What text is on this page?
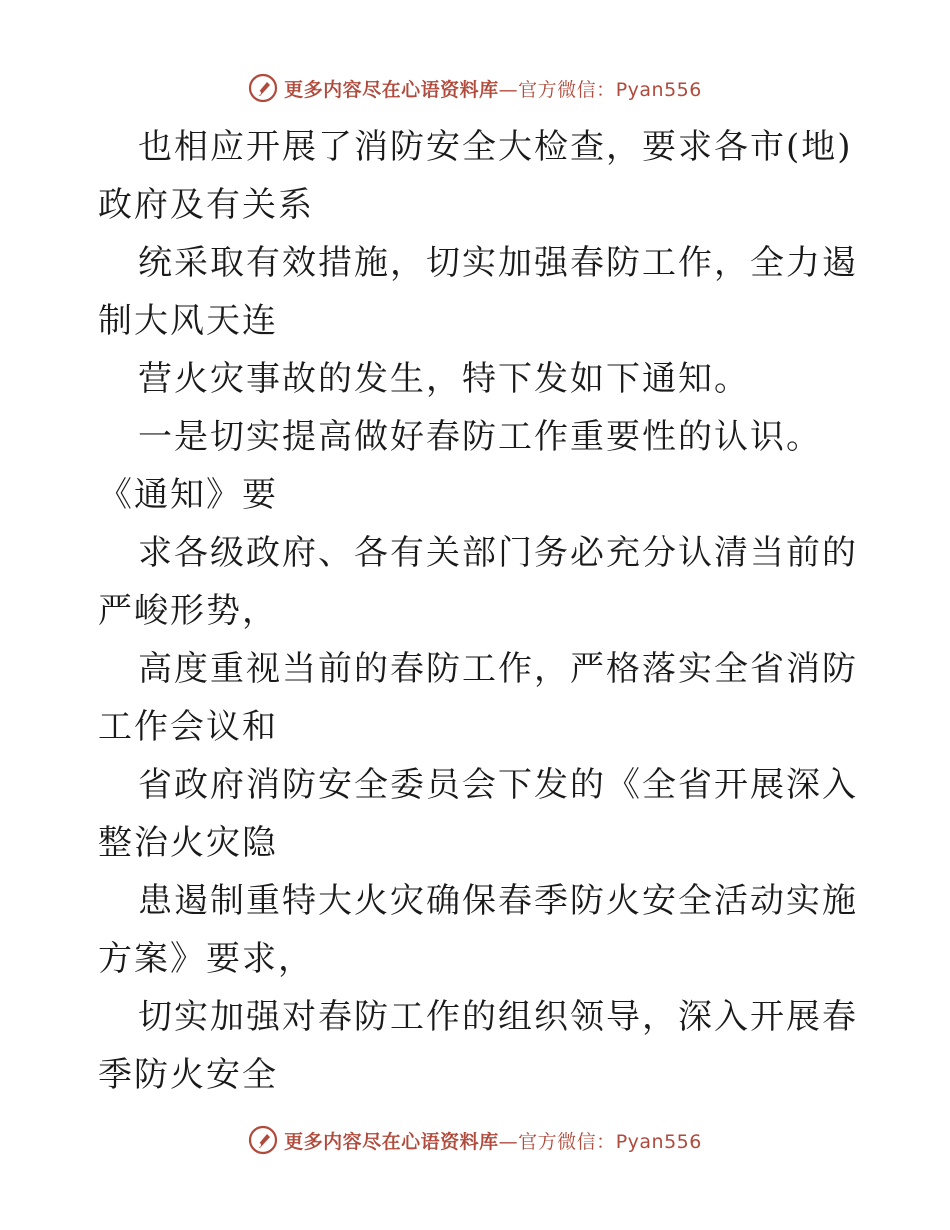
更多内容尽在心语资料库—官方微信：Pyan556

也相应开展了消防安全大检查，要求各市(地)政府及有关系

统采取有效措施，切实加强春防工作，全力遏制大风天连

营火灾事故的发生，特下发如下通知。

一是切实提高做好春防工作重要性的认识。《通知》要

求各级政府、各有关部门务必充分认清当前的严峻形势，

高度重视当前的春防工作，严格落实全省消防工作会议和

省政府消防安全委员会下发的《全省开展深入整治火灾隐

患遏制重特大火灾确保春季防火安全活动实施方案》要求，

切实加强对春防工作的组织领导，深入开展春季防火安全

更多内容尽在心语资料库—官方微信：Pyan556
